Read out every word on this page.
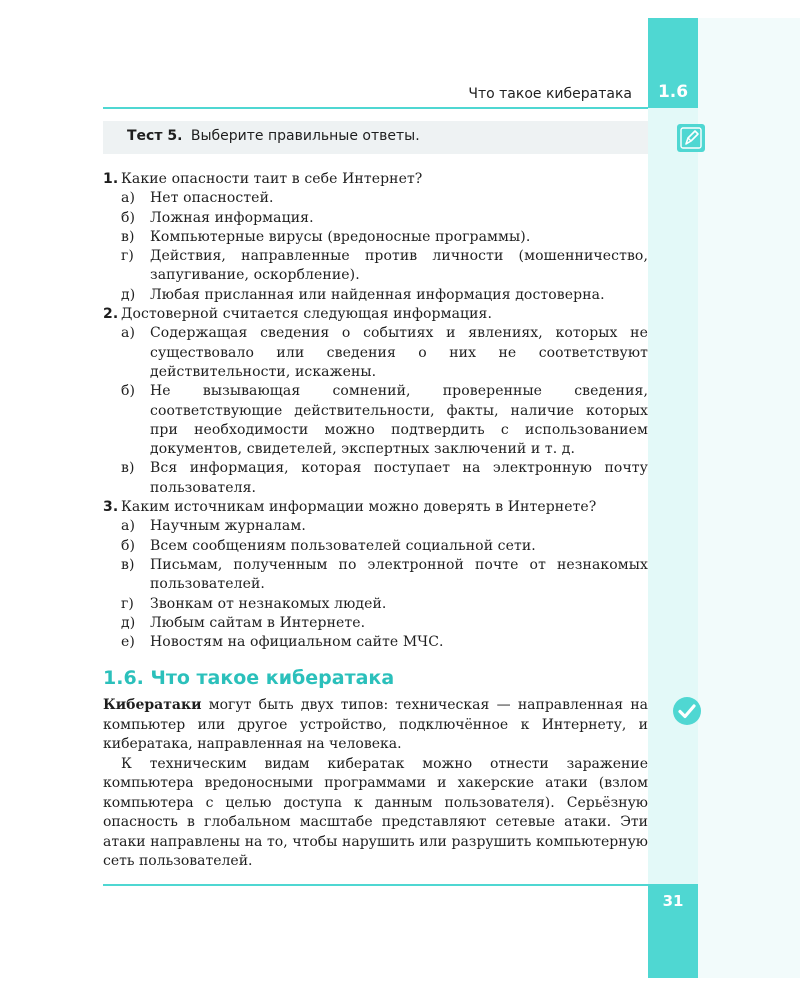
1.6
Что такое кибератака
Тест 5. Выберите правильные ответы.
1. Какие опасности таит в себе Интернет?
а)	Нет опасностей.
б)	Ложная информация.
в)	Компьютерные вирусы (вредоносные программы).
г)	Действия, направленные против личности (мошенничество, запугивание, оскорбление).
д)	Любая присланная или найденная информация достоверна.
2. Достоверной считается следующая информация.
а)	Содержащая сведения о событиях и явлениях, которых не существовало или сведения о них не соответствуют действительности, искажены.
б)	Не вызывающая сомнений, проверенные сведения, соответствующие действительности, факты, наличие которых при необходимости можно подтвердить с использованием документов, свидетелей, экспертных заключений и т. д.
в)	Вся информация, которая поступает на электронную почту пользователя.
3. Каким источникам информации можно доверять в Интернете?
а)	Научным журналам.
б)	Всем сообщениям пользователей социальной сети.
в)	Письмам, полученным по электронной почте от незнакомых пользователей.
г)	Звонкам от незнакомых людей.
д)	Любым сайтам в Интернете.
е)	Новостям на официальном сайте МЧС.
1.6. Что такое кибератака

Кибератаки могут быть двух типов: техническая — направленная на компьютер или другое устройство, подключённое к Интернету, и кибератака, направленная на человека.

К техническим видам кибератак можно отнести заражение компьютера вредоносными программами и хакерские атаки (взлом компьютера с целью доступа к данным пользователя). Серьёзную опасность в глобальном масштабе представляют сетевые атаки. Эти атаки направлены на то, чтобы нарушить или разрушить компьютерную сеть пользователей.

31
